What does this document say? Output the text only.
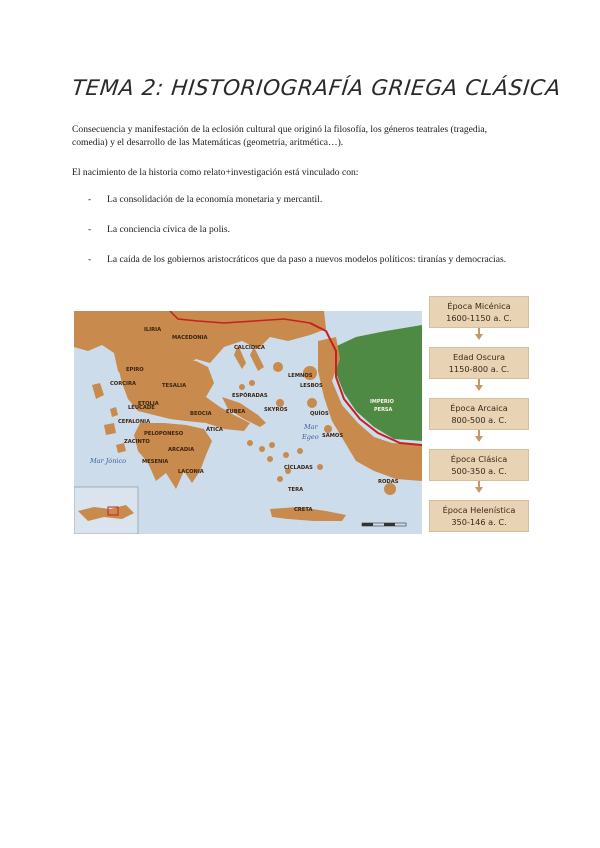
TEMA 2: HISTORIOGRAFÍA GRIEGA CLÁSICA

Consecuencia y manifestación de la eclosión cultural que originó la filosofía, los géneros teatrales (tragedia, comedia) y el desarrollo de las Matemáticas (geometría, aritmética…).

El nacimiento de la historia como relato+investigación está vinculado con:

- La consolidación de la economía monetaria y mercantil.
- La conciencia cívica de la polis.
- La caída de los gobiernos aristocráticos que da paso a nuevos modelos políticos: tiranías y democracias.
ILIRIA
MACEDONIA
CALCÍDICA
EPIRO
TESALIA
ETOLIA
BEOCIA	EUBEA
ÁTICA
PELOPONESO
ARCADIA
MESENIA
LACONIA
IMPERIO
PERSA
CRETA
CORCIRA
LÉUCADE
CEFALONIA
ZACINTO
LEMNOS
LESBOS
ESPÓRADAS
SKYROS
QUÍOS
SAMOS
CÍCLADAS
TERA
RODAS
Mar Jónico
Mar
Egeo
Época Micénica
1600-1150 a. C.
Edad Oscura
1150-800 a. C.
Época Arcaica
800-500 a. C.
Época Clásica
500-350 a. C.
Época Helenística
350-146 a. C.
